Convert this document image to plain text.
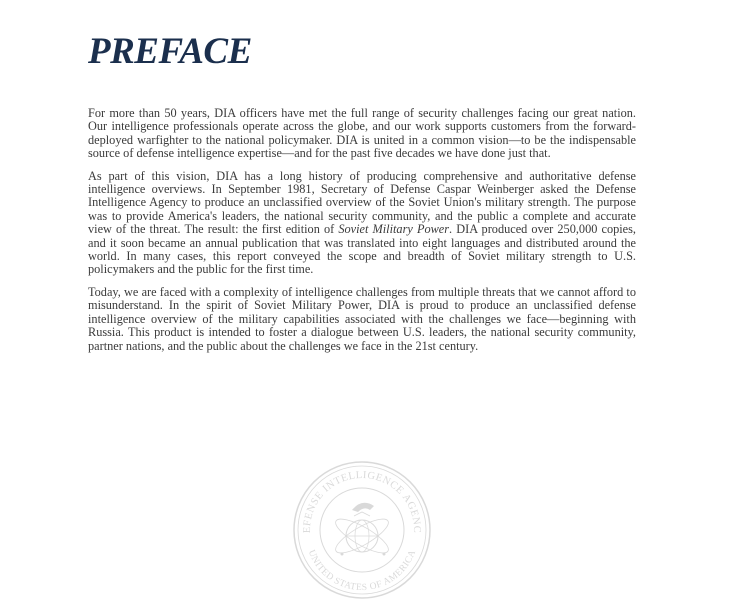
PREFACE

For more than 50 years, DIA officers have met the full range of security challenges facing our great nation. Our intelligence professionals operate across the globe, and our work supports customers from the forward-deployed warfighter to the national policymaker. DIA is united in a common vision—to be the indispensable source of defense intelligence expertise—and for the past five decades we have done just that.

As part of this vision, DIA has a long history of producing comprehensive and authoritative defense intelligence overviews. In September 1981, Secretary of Defense Caspar Weinberger asked the Defense Intelligence Agency to produce an unclassified overview of the Soviet Union's military strength. The purpose was to provide America's leaders, the national security community, and the public a complete and accurate view of the threat. The result: the first edition of Soviet Military Power. DIA produced over 250,000 copies, and it soon became an annual publication that was translated into eight languages and distributed around the world. In many cases, this report conveyed the scope and breadth of Soviet military strength to U.S. policymakers and the public for the first time.

Today, we are faced with a complexity of intelligence challenges from multiple threats that we cannot afford to misunderstand. In the spirit of Soviet Military Power, DIA is proud to produce an unclassified defense intelligence overview of the military capabilities associated with the challenges we face—beginning with Russia. This product is intended to foster a dialogue between U.S. leaders, the national security community, partner nations, and the public about the challenges we face in the 21st century.

EFENSE INTELLIGENCE AGENC
UNITED STATES OF AMERICA
